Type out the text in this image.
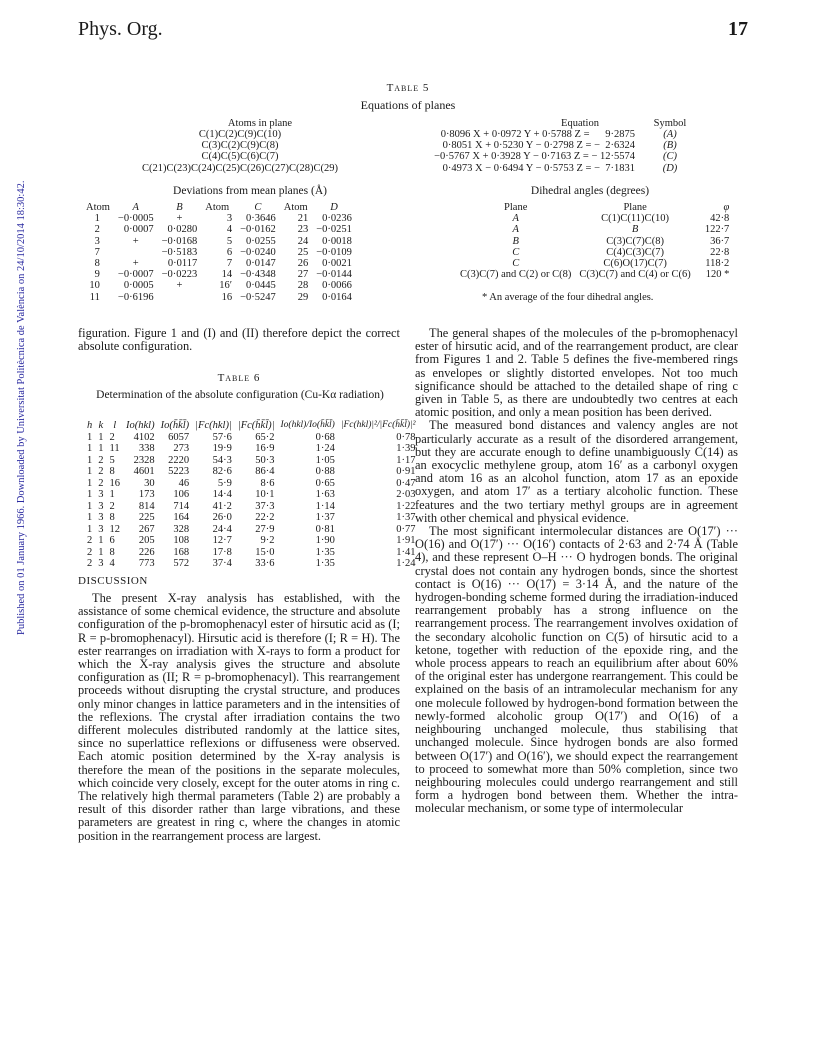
Phys. Org.	17
Published on 01 January 1966. Downloaded by Universitat Politècnica de València on 24/10/2014 18:30:42.
Table 5
Equations of planes
Atoms in plane	Equation	Symbol
C(1)C(2)C(9)C(10)	0·8096 X + 0·0972 Y + 0·5788 Z =      9·2875	(A)
C(3)C(2)C(9)C(8)	0·8051 X + 0·5230 Y − 0·2798 Z = −  2·6324	(B)
C(4)C(5)C(6)C(7)	−0·5767 X + 0·3928 Y − 0·7163 Z = − 12·5574	(C)
C(21)C(23)C(24)C(25)C(26)C(27)C(28)C(29)	0·4973 X − 0·6494 Y − 0·5753 Z = −  7·1831	(D)
Deviations from mean planes (Å)	Dihedral angles (degrees)
Atom	A	B	Atom	C	Atom	D
1	−0·0005	+	3	0·3646	21	0·0236
2	0·0007	0·0280	4	−0·0162	23	−0·0251
3	+	−0·0168	5	0·0255	24	0·0018
7		−0·5183	6	−0·0240	25	−0·0109
8	+	0·0117	7	0·0147	26	0·0021
9	−0·0007	−0·0223	14	−0·4348	27	−0·0144
10	0·0005	+	16′	0·0445	28	0·0066
11	−0·6196		16	−0·5247	29	0·0164
Plane	Plane	φ
A	C(1)C(11)C(10)	42·8
A	B	122·7
B	C(3)C(7)C(8)	36·7
C	C(4)C(3)C(7)	22·8
C	C(6)O(17)C(7)	118·2
C(3)C(7) and C(2) or C(8)	C(3)C(7) and C(4) or C(6)	120 *
* An average of the four dihedral angles.

figuration. Figure 1 and (I) and (II) therefore depict the correct absolute configuration.

Table 6
Determination of the absolute configuration (Cu-Kα radiation)
h	k	l	Io(hkl)	Io(h̄k̄l̄)	|Fc(hkl)|	|Fc(h̄k̄l̄)|	Io(hkl)/Io(h̄k̄l̄)	|Fc(hkl)|²/|Fc(h̄k̄l̄)|²
1	1	2	4102	6057	57·6	65·2	0·68	0·78
1	1	11	338	273	19·9	16·9	1·24	1·39
1	2	5	2328	2220	54·3	50·3	1·05	1·17
1	2	8	4601	5223	82·6	86·4	0·88	0·91
1	2	16	30	46	5·9	8·6	0·65	0·47
1	3	1	173	106	14·4	10·1	1·63	2·03
1	3	2	814	714	41·2	37·3	1·14	1·22
1	3	8	225	164	26·0	22·2	1·37	1·37
1	3	12	267	328	24·4	27·9	0·81	0·77
2	1	6	205	108	12·7	9·2	1·90	1·91
2	1	8	226	168	17·8	15·0	1·35	1·41
2	3	4	773	572	37·4	33·6	1·35	1·24
DISCUSSION

The present X-ray analysis has established, with the assistance of some chemical evidence, the structure and absolute configuration of the p-bromophenacyl ester of hirsutic acid as (I; R = p-bromophenacyl). Hirsutic acid is therefore (I; R = H). The ester rearranges on irradiation with X-rays to form a product for which the X-ray analysis gives the structure and absolute configuration as (II; R = p-bromophenacyl). This rearrangement proceeds without disrupting the crystal structure, and produces only minor changes in lattice parameters and in the intensities of the reflexions. The crystal after irradiation contains the two different molecules distributed randomly at the lattice sites, since no superlattice reflexions or diffuseness were observed. Each atomic position determined by the X-ray analysis is therefore the mean of the positions in the separate molecules, which coincide very closely, except for the outer atoms in ring c. The relatively high thermal parameters (Table 2) are probably a result of this disorder rather than large vibrations, and these parameters are greatest in ring c, where the changes in atomic position in the rearrangement process are largest.

The general shapes of the molecules of the p-bromophenacyl ester of hirsutic acid, and of the rearrangement product, are clear from Figures 1 and 2. Table 5 defines the five-membered rings as envelopes or slightly distorted envelopes. Not too much significance should be attached to the detailed shape of ring c given in Table 5, as there are undoubtedly two centres at each atomic position, and only a mean position has been derived.

The measured bond distances and valency angles are not particularly accurate as a result of the disordered arrangement, but they are accurate enough to define unambiguously C(14) as an exocyclic methylene group, atom 16′ as a carbonyl oxygen and atom 16 as an alcohol function, atom 17 as an epoxide oxygen, and atom 17′ as a tertiary alcoholic function. These features and the two tertiary methyl groups are in agreement with other chemical and physical evidence.

The most significant intermolecular distances are O(17′) ··· O(16) and O(17′) ··· O(16′) contacts of 2·63 and 2·74 Å (Table 4), and these represent O–H ··· O hydrogen bonds. The original crystal does not contain any hydrogen bonds, since the shortest contact is O(16) ··· O(17) = 3·14 Å, and the nature of the hydrogen-bonding scheme formed during the irradiation-induced rearrangement probably has a strong influence on the rearrangement process. The rearrangement involves oxidation of the secondary alcoholic function on C(5) of hirsutic acid to a ketone, together with reduction of the epoxide ring, and the whole process appears to reach an equilibrium after about 60% of the original ester has undergone rearrangement. This could be explained on the basis of an intramolecular mechanism for any one molecule followed by hydrogen-bond formation between the newly-formed alcoholic group O(17′) and O(16) of a neighbouring unchanged molecule, thus stabilising that unchanged molecule. Since hydrogen bonds are also formed between O(17′) and O(16′), we should expect the rearrangement to proceed to somewhat more than 50% completion, since two neighbouring molecules could undergo rearrangement and still form a hydrogen bond between them. Whether the intra-molecular mechanism, or some type of intermolecular
